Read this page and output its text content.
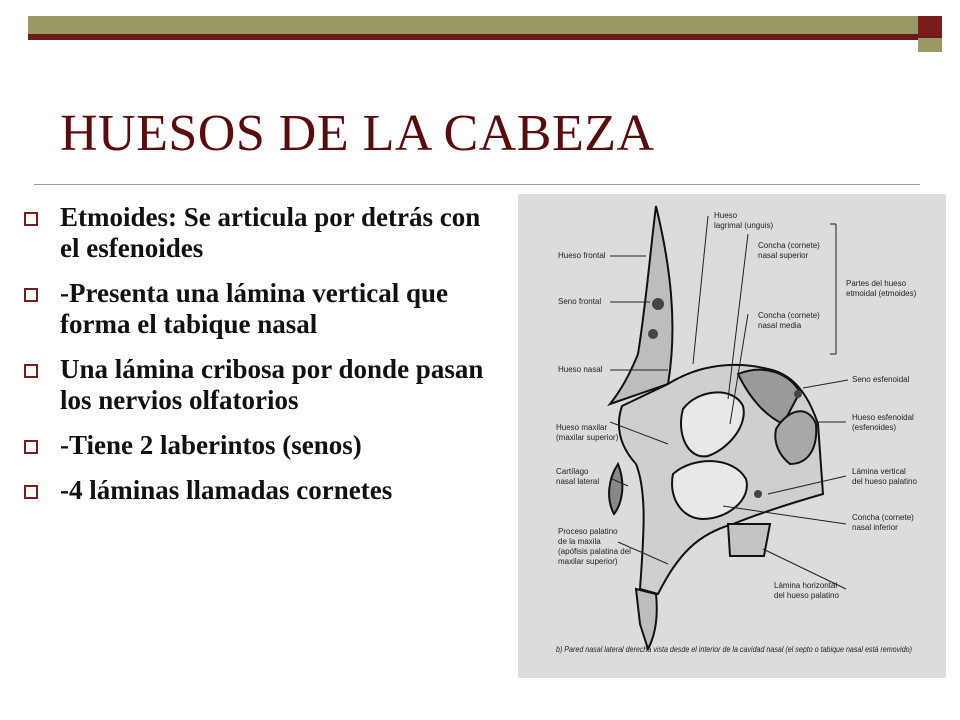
HUESOS DE LA CABEZA
Etmoides: Se articula por detrás con el esfenoides
-Presenta una lámina vertical que forma el tabique nasal
Una lámina cribosa por donde pasan los nervios olfatorios
-Tiene 2 laberintos (senos)
-4 láminas llamadas cornetes
Hueso
lagrimal (unguis)
Hueso frontal
Seno frontal
Hueso nasal
Concha (cornete)
nasal superior
Concha (cornete)
nasal media
Partes del hueso
etmoidal (etmoides)
Seno esfenoidal
Hueso esfenoidal
(esfenoides)
Hueso maxilar
(maxilar superior)
Cartílago
nasal lateral
Lámina vertical
del hueso palatino
Concha (cornete)
nasal inferior
Proceso palatino
de la maxila
(apófisis palatina del
maxilar superior)
Lámina horizontal
del hueso palatino
b) Pared nasal lateral derecha vista desde el interior de la cavidad nasal (el septo o tabique nasal está removido)
